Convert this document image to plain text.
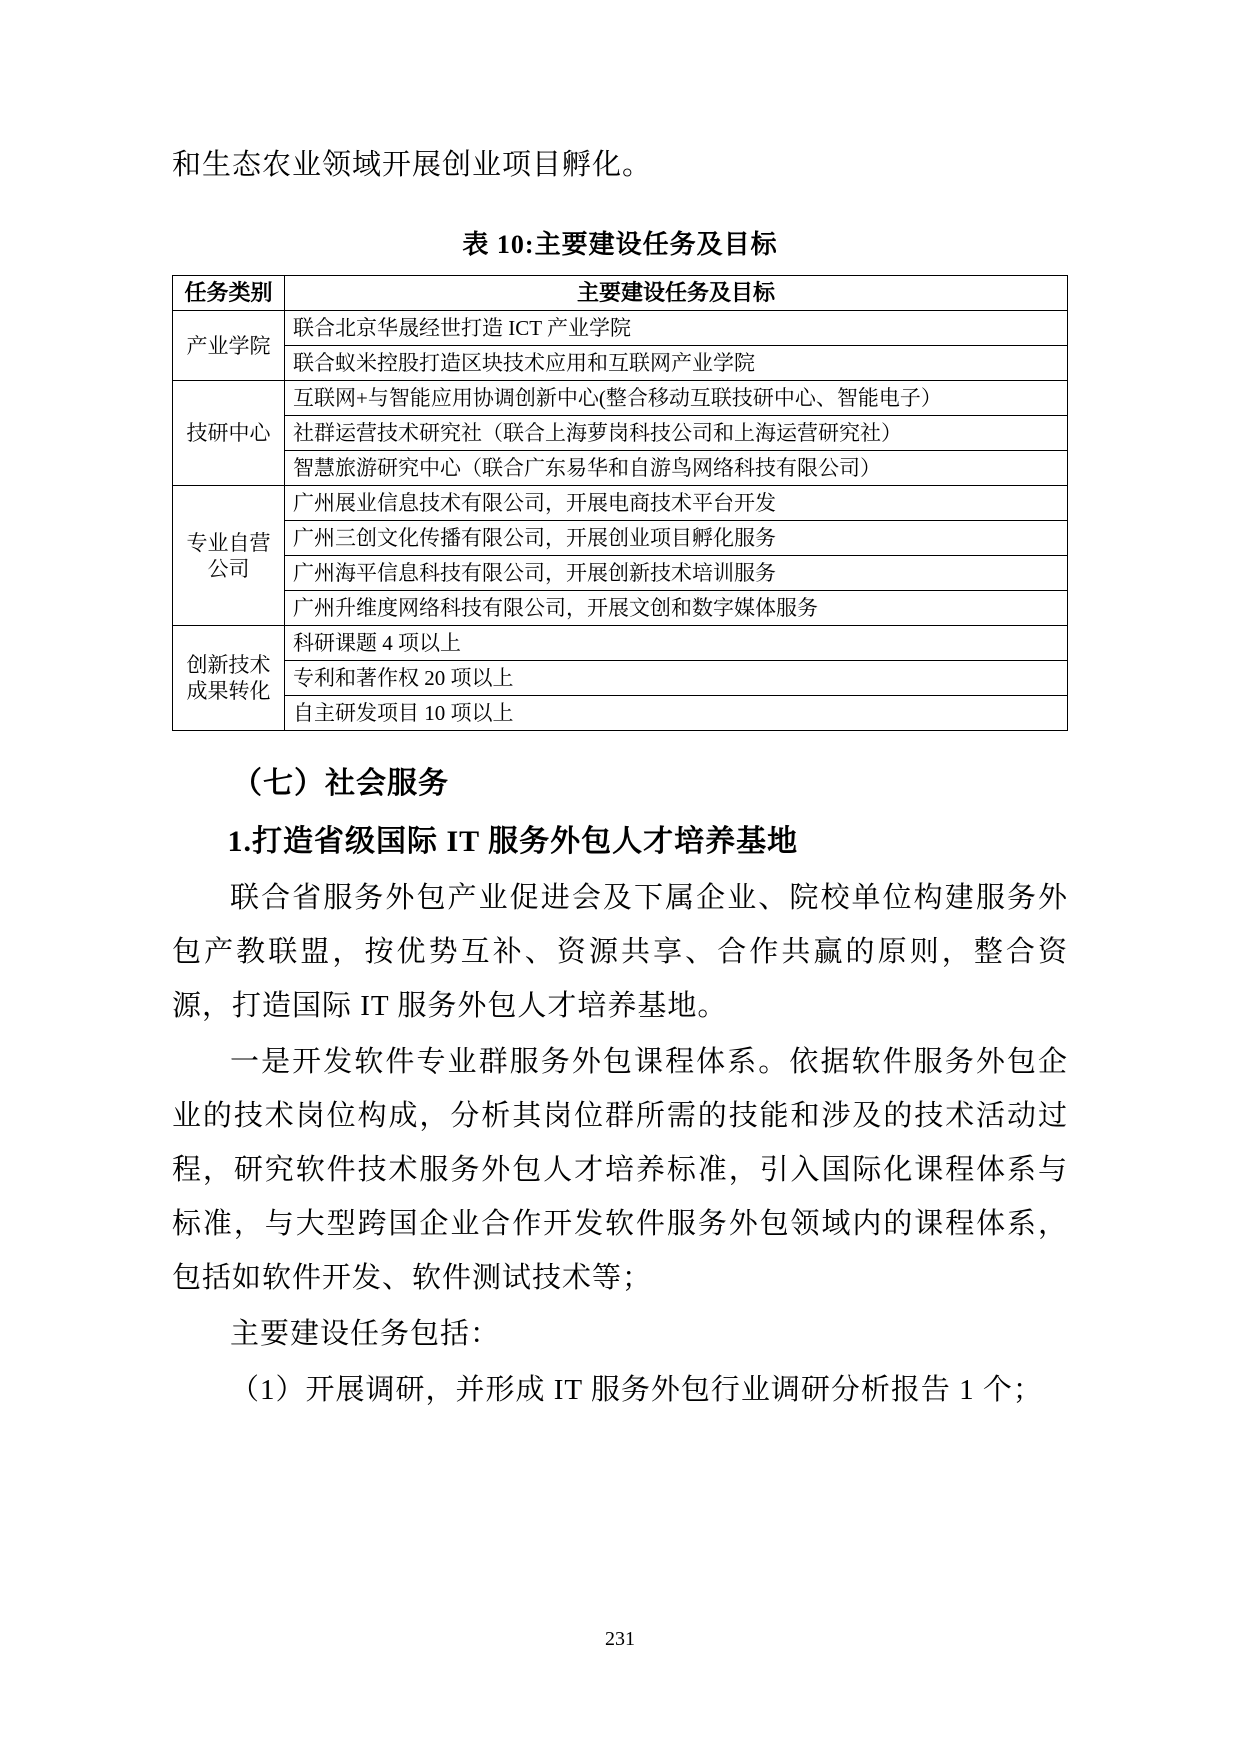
和生态农业领域开展创业项目孵化。

表 10:主要建设任务及目标
任务类别	主要建设任务及目标
产业学院	联合北京华晟经世打造 ICT 产业学院
	联合蚁米控股打造区块技术应用和互联网产业学院
技研中心	互联网+与智能应用协调创新中心(整合移动互联技研中心、智能电子）
	社群运营技术研究社（联合上海萝岗科技公司和上海运营研究社）
	智慧旅游研究中心（联合广东易华和自游鸟网络科技有限公司）
专业自营 公司	广州展业信息技术有限公司，开展电商技术平台开发
	广州三创文化传播有限公司，开展创业项目孵化服务
	广州海平信息科技有限公司，开展创新技术培训服务
	广州升维度网络科技有限公司，开展文创和数字媒体服务
创新技术 成果转化	科研课题 4 项以上
	专利和著作权 20 项以上
	自主研发项目 10 项以上
（七）社会服务
1.打造省级国际 IT 服务外包人才培养基地

联合省服务外包产业促进会及下属企业、院校单位构建服务外包产教联盟，按优势互补、资源共享、合作共赢的原则，整合资源，打造国际 IT 服务外包人才培养基地。

一是开发软件专业群服务外包课程体系。依据软件服务外包企业的技术岗位构成，分析其岗位群所需的技能和涉及的技术活动过程，研究软件技术服务外包人才培养标准，引入国际化课程体系与标准，与大型跨国企业合作开发软件服务外包领域内的课程体系，包括如软件开发、软件测试技术等；

主要建设任务包括：

（1）开展调研，并形成 IT 服务外包行业调研分析报告 1 个；

231
